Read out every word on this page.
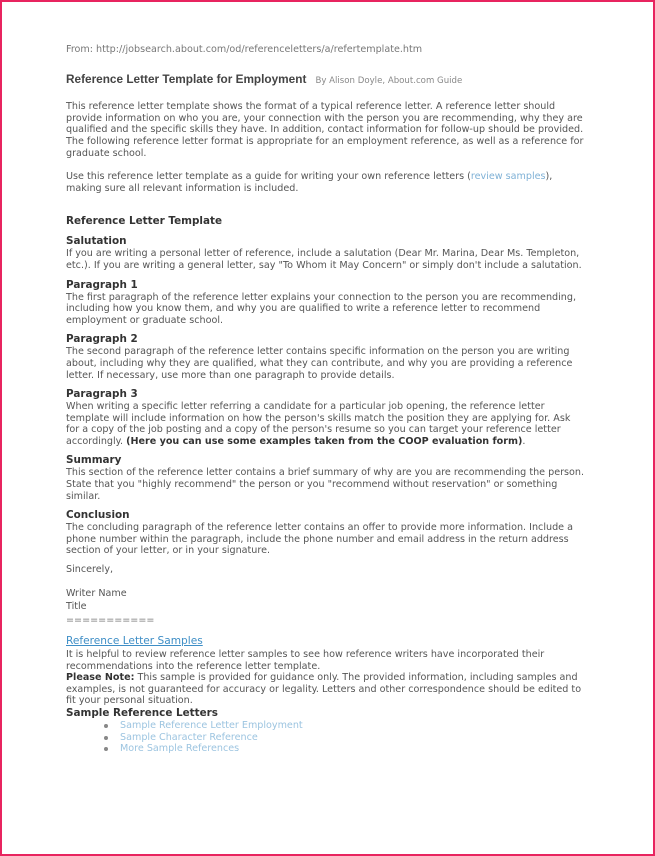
From: http://jobsearch.about.com/od/referenceletters/a/refertemplate.htm

Reference Letter Template for Employment By Alison Doyle, About.com Guide

This reference letter template shows the format of a typical reference letter. A reference letter should provide information on who you are, your connection with the person you are recommending, why they are qualified and the specific skills they have. In addition, contact information for follow-up should be provided. The following reference letter format is appropriate for an employment reference, as well as a reference for graduate school.

Use this reference letter template as a guide for writing your own reference letters (review samples), making sure all relevant information is included.

Reference Letter Template
Salutation

If you are writing a personal letter of reference, include a salutation (Dear Mr. Marina, Dear Ms. Templeton, etc.). If you are writing a general letter, say "To Whom it May Concern" or simply don't include a salutation.

Paragraph 1

The first paragraph of the reference letter explains your connection to the person you are recommending, including how you know them, and why you are qualified to write a reference letter to recommend employment or graduate school.

Paragraph 2

The second paragraph of the reference letter contains specific information on the person you are writing about, including why they are qualified, what they can contribute, and why you are providing a reference letter. If necessary, use more than one paragraph to provide details.

Paragraph 3

When writing a specific letter referring a candidate for a particular job opening, the reference letter template will include information on how the person's skills match the position they are applying for. Ask for a copy of the job posting and a copy of the person's resume so you can target your reference letter accordingly. (Here you can use some examples taken from the COOP evaluation form).

Summary

This section of the reference letter contains a brief summary of why are you are recommending the person. State that you "highly recommend" the person or you "recommend without reservation" or something similar.

Conclusion

The concluding paragraph of the reference letter contains an offer to provide more information. Include a phone number within the paragraph, include the phone number and email address in the return address section of your letter, or in your signature.

Sincerely,

Writer Name

Title

===========

Reference Letter Samples

It is helpful to review reference letter samples to see how reference writers have incorporated their recommendations into the reference letter template.

Please Note: This sample is provided for guidance only. The provided information, including samples and examples, is not guaranteed for accuracy or legality. Letters and other correspondence should be edited to fit your personal situation.

Sample Reference Letters
Sample Reference Letter Employment
Sample Character Reference
More Sample References
